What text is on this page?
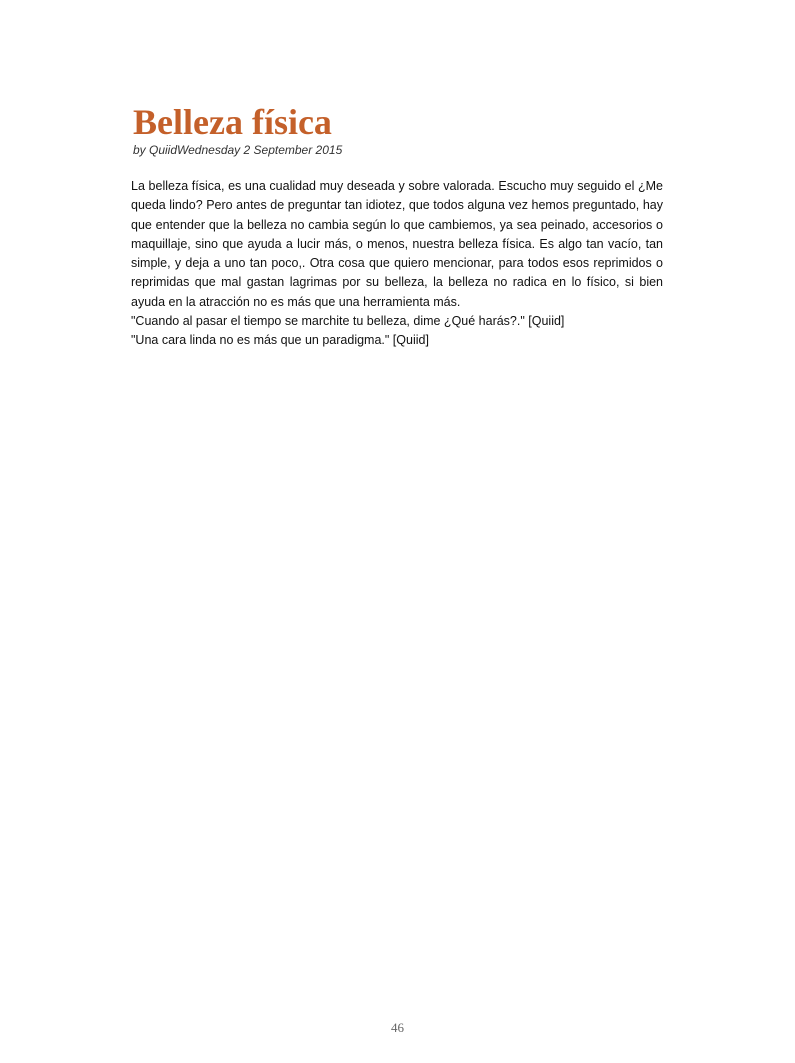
Belleza física
by QuiidWednesday 2 September 2015

La belleza física, es una cualidad muy deseada y sobre valorada. Escucho muy seguido el ¿Me queda lindo? Pero antes de preguntar tan idiotez, que todos alguna vez hemos preguntado, hay que entender que la belleza no cambia según lo que cambiemos, ya sea peinado, accesorios o maquillaje, sino que ayuda a lucir más, o menos, nuestra belleza física. Es algo tan vacío, tan simple, y deja a uno tan poco,. Otra cosa que quiero mencionar, para todos esos reprimidos o reprimidas que mal gastan lagrimas por su belleza, la belleza no radica en lo físico, si bien ayuda en la atracción no es más que una herramienta más.

"Cuando al pasar el tiempo se marchite tu belleza, dime ¿Qué harás?." [Quiid]

"Una cara linda no es más que un paradigma." [Quiid]

46
